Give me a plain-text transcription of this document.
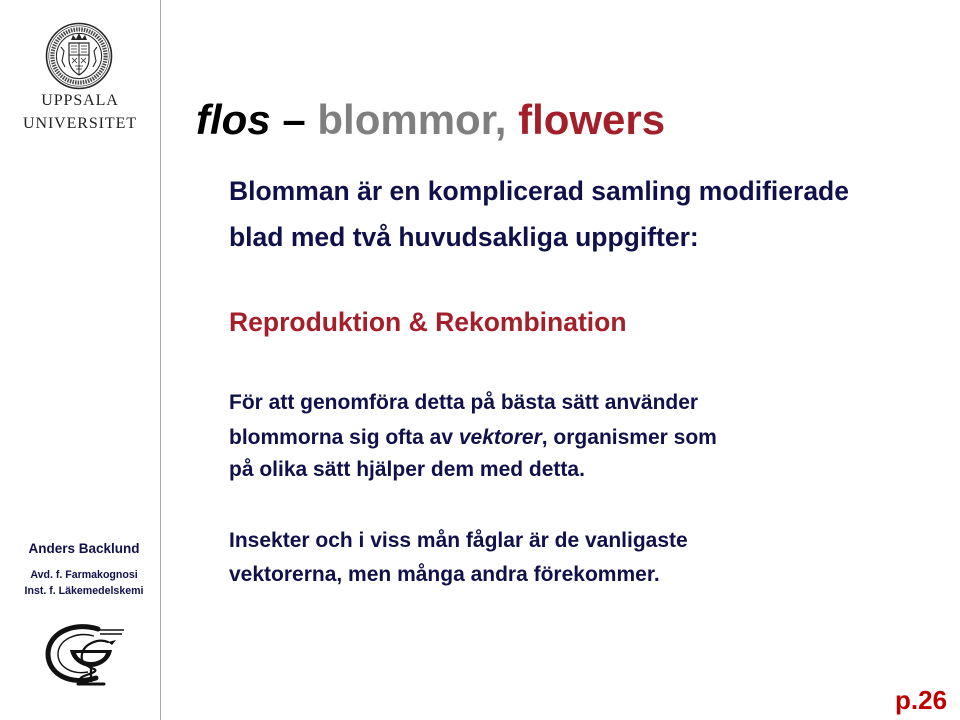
UPPSALA
UNIVERSITET
Anders Backlund
Avd. f. Farmakognosi
Inst. f. Läkemedelskemi
flos – blommor, flowers
Blomman är en komplicerad samling modifierade
blad med två huvudsakliga uppgifter:
Reproduktion & Rekombination
För att genomföra detta på bästa sätt använder
blommorna sig ofta av vektorer, organismer som
på olika sätt hjälper dem med detta.
Insekter och i viss mån fåglar är de vanligaste
vektorerna, men många andra förekommer.
p.26
